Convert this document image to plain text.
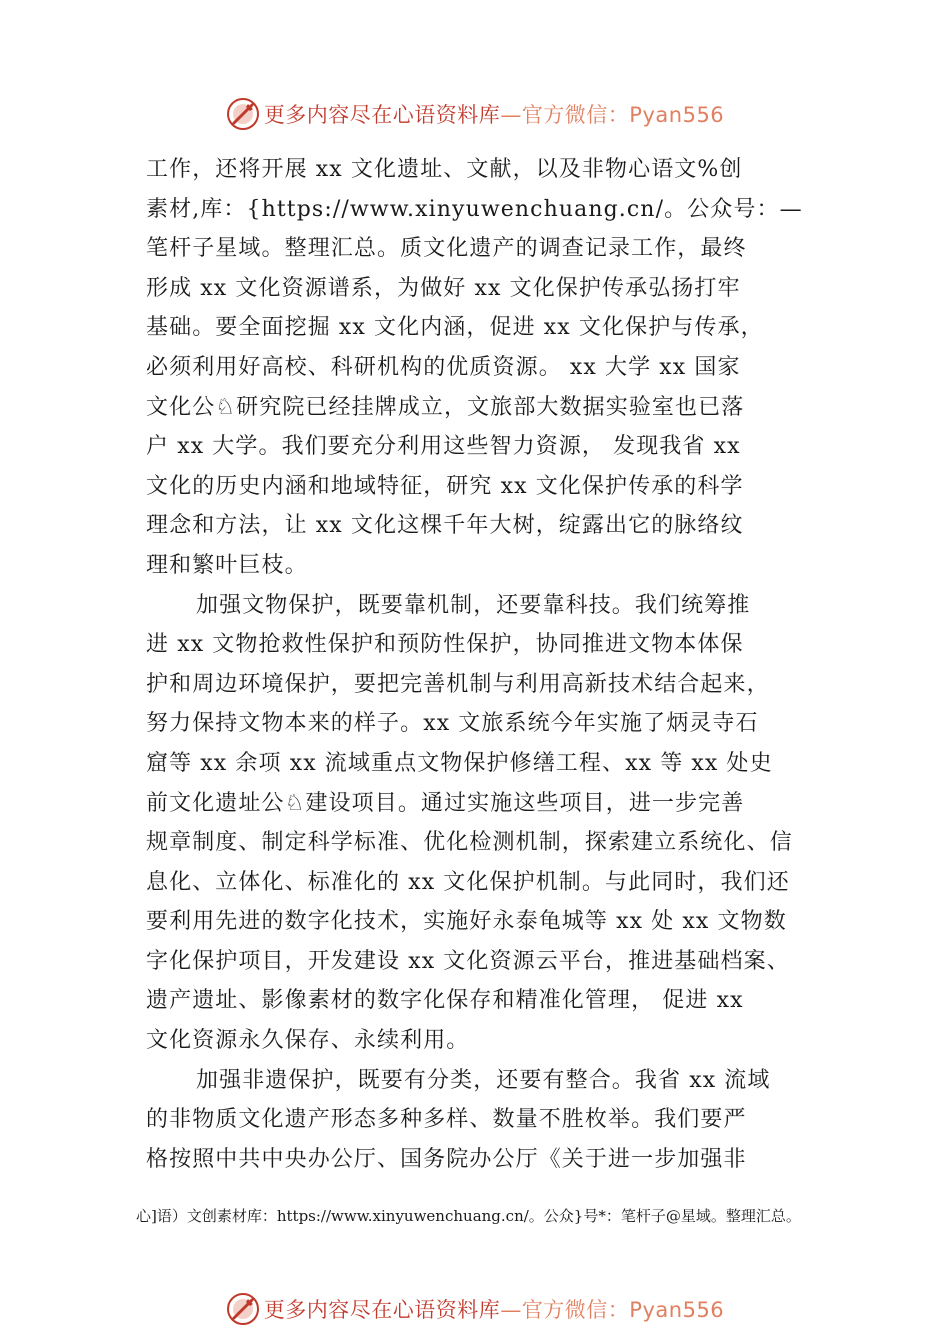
更多内容尽在心语资料库—官方微信：Pyan556
工作，还将开展 xx 文化遗址、文献，以及非物心语文%创
素材,库：{https://www.xinyuwenchuang.cn/。公众号：—
笔杆子星域。整理汇总。质文化遗产的调查记录工作，最终
形成 xx 文化资源谱系，为做好 xx 文化保护传承弘扬打牢
基础。要全面挖掘 xx 文化内涵，促进 xx 文化保护与传承，
必须利用好高校、科研机构的优质资源。 xx 大学 xx 国家
文化公♘研究院已经挂牌成立，文旅部大数据实验室也已落
户 xx 大学。我们要充分利用这些智力资源， 发现我省 xx
文化的历史内涵和地域特征，研究 xx 文化保护传承的科学
理念和方法，让 xx 文化这棵千年大树，绽露出它的脉络纹
理和繁叶巨枝。
加强文物保护，既要靠机制，还要靠科技。我们统筹推
进 xx 文物抢救性保护和预防性保护，协同推进文物本体保
护和周边环境保护，要把完善机制与利用高新技术结合起来，
努力保持文物本来的样子。xx 文旅系统今年实施了炳灵寺石
窟等 xx 余项 xx 流域重点文物保护修缮工程、xx 等 xx 处史
前文化遗址公♘建设项目。通过实施这些项目，进一步完善
规章制度、制定科学标准、优化检测机制，探索建立系统化、信
息化、立体化、标准化的 xx 文化保护机制。与此同时，我们还
要利用先进的数字化技术，实施好永泰龟城等 xx 处 xx 文物数
字化保护项目，开发建设 xx 文化资源云平台，推进基础档案、
遗产遗址、影像素材的数字化保存和精准化管理， 促进 xx
文化资源永久保存、永续利用。
加强非遗保护，既要有分类，还要有整合。我省 xx 流域
的非物质文化遗产形态多种多样、数量不胜枚举。我们要严
格按照中共中央办公厅、国务院办公厅《关于进一步加强非
心]语）文创素材库：https://www.xinyuwenchuang.cn/。公众}号*：笔杆子@星域。整理汇总。
更多内容尽在心语资料库—官方微信：Pyan556
